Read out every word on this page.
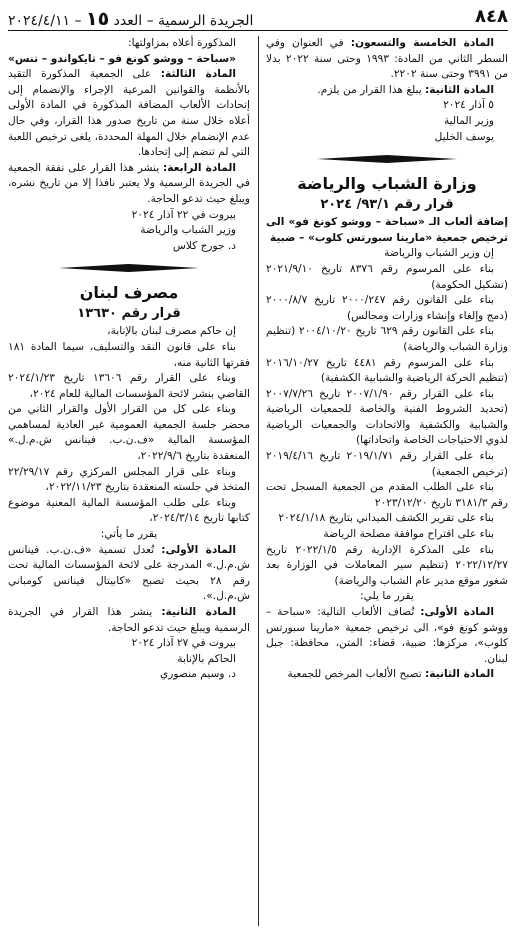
٨٤٨
الجريدة الرسمية – العدد ١٥ – ٢٠٢٤/٤/١١

المادة الخامسة والتسعون: في العنوان وفي السطر الثاني من المادة: ١٩٩٣ وحتى سنة ٢٠٢٢ بدلا من ٣٩٩١ وحتى سنة ٢٢٠٢.

المادة الثانية: يبلغ هذا القرار من يلزم.

٥ آذار ٢٠٢٤

وزير المالية

يوسف الخليل

وزارة الشباب والرياضة
قرار رقم ٩٣/١/ ٢٠٢٤

إضافة ألعاب الـ «سباحة – ووشو كونغ فو» الى ترخيص جمعية «مارينا سبورتس كلوب» – ضبية

إن وزير الشباب والرياضة

بناء على المرسوم رقم ٨٣٧٦ تاريخ ٢٠٢١/٩/١٠ (تشكيل الحكومة)

بناء على القانون رقم ٢٠٠٠/٢٤٧ تاريخ ٢٠٠٠/٨/٧ (دمج وإلغاء وإنشاء وزارات ومجالس)

بناء على القانون رقم ٦٢٩ تاريخ ٢٠٠٤/١٠/٢٠ (تنظيم وزارة الشباب والرياضة)

بناء على المرسوم رقم ٤٤٨١ تاريخ ٢٠١٦/١٠/٢٧ (تنظيم الحركة الرياضية والشبابية الكشفية)

بناء على القرار رقم ٢٠٠٧/١/٩٠ تاريخ ٢٠٠٧/٧/٢٦ (تحديد الشروط الفنية والخاصة للجمعيات الرياضية والشبابية والكشفية والاتحادات والجمعيات الرياضية لذوي الاحتياجات الخاصة واتحاداتها)

بناء على القرار رقم ٢٠١٩/١/٧١ تاريخ ٢٠١٩/٤/١٦ (ترخيص الجمعية)

بناء على الطلب المقدم من الجمعية المسجل تحت رقم ٣١٨١/٣ تاريخ ٢٠٢٣/١٢/٢٠

بناء على تقرير الكشف الميداني بتاريخ ٢٠٢٤/١/١٨

بناء على اقتراح موافقة مصلحة الرياضة

بناء على المذكرة الإدارية رقم ٢٠٢٢/١/٥ تاريخ ٢٠٢٢/١٢/٢٧ (تنظيم سير المعاملات في الوزارة بعد شغور موقع مدير عام الشباب والرياضة)

يقرر ما يلي:

المادة الأولى: تُضاف الألعاب التالية: «سباحة – ووشو كونغ فو»، الى ترخيص جمعية «مارينا سبورتس كلوب»، مركزها: ضبية، قضاء: المتن، محافظة: جبل لبنان.

المادة الثانية: تصبح الألعاب المرخص للجمعية

المذكورة أعلاه بمزاولتها:

«سباحة – ووشو كونغ فو – تايكواندو – تنس»

المادة الثالثة: على الجمعية المذكورة التقيد بالأنظمة والقوانين المرعية الإجراء والإنضمام إلى إتحادات الألعاب المضافة المذكورة في المادة الأولى أعلاه خلال سنة من تاريخ صدور هذا القرار، وفي حال عدم الإنضمام خلال المهلة المحددة، يلغى ترخيص اللعبة التي لم تنضم إلى إتحادها.

المادة الرابعة: ينشر هذا القرار على نفقة الجمعية في الجريدة الرسمية ولا يعتبر نافذا إلا من تاريخ نشره، ويبلغ حيث تدعو الحاجة.

بيروت في ٢٢ آذار ٢٠٢٤

وزير الشباب والرياضة

د. جورج كلاس

مصرف لبنان
قرار رقم ١٣٦٣٠

إن حاكم مصرف لبنان بالإنابة،

بناء على قانون النقد والتسليف، سيما المادة ١٨١ فقرتها الثانية منه،

وبناء على القرار رقم ١٣٦٠٦ تاريخ ٢٠٢٤/١/٢٣ القاضي بنشر لائحة المؤسسات المالية للعام ٢٠٢٤،

وبناء على كل من القرار الأول والقرار الثاني من محضر جلسة الجمعية العمومية غير العادية لمساهمي المؤسسة المالية «ف.ن.ب. فينانس ش.م.ل.» المنعقدة بتاريخ ٢٠٢٢/٩/٦،

وبناء على قرار المجلس المركزي رقم ٢٢/٢٩/١٧ المتخذ في جلسته المنعقدة بتاريخ ٢٠٢٢/١١/٢٣،

وبناء على طلب المؤسسة المالية المعنية موضوع كتابها تاريخ ٢٠٢٤/٣/١٤،

يقرر ما يأتي:

المادة الأولى: تُعدل تسمية «ف.ن.ب. فينانس ش.م.ل.» المدرجة على لائحة المؤسسات المالية تحت رقم ٢٨ بحيث تصبح «كابيتال فينانس كومباني ش.م.ل.».

المادة الثانية: ينشر هذا القرار في الجريدة الرسمية ويبلغ حيث تدعو الحاجة.

بيروت في ٢٧ آذار ٢٠٢٤

الحاكم بالإنابة

د. وسيم منصوري
